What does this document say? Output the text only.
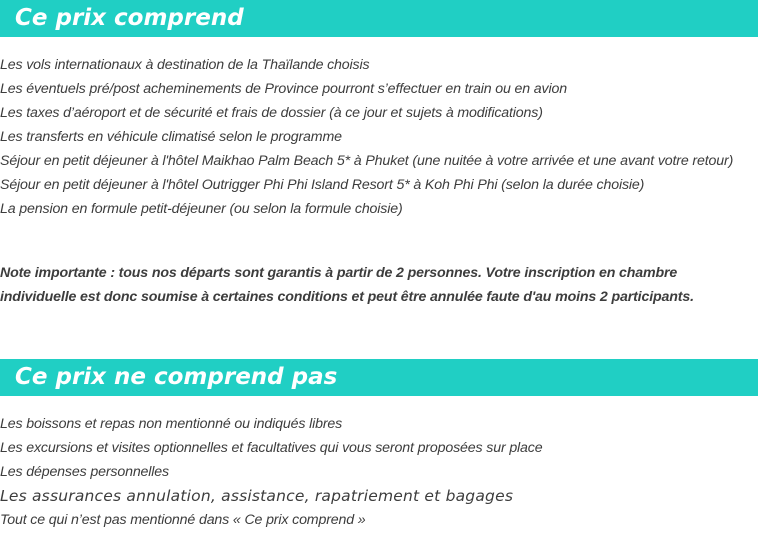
Ce prix comprend
Les vols internationaux à destination de la Thaïlande choisis
Les éventuels pré/post acheminements de Province pourront s’effectuer en train ou en avion
Les taxes d’aéroport et de sécurité et frais de dossier (à ce jour et sujets à modifications)
Les transferts en véhicule climatisé selon le programme
Séjour en petit déjeuner à l'hôtel Maikhao Palm Beach 5* à Phuket (une nuitée à votre arrivée et une avant votre retour)
Séjour en petit déjeuner à l'hôtel Outrigger Phi Phi Island Resort 5* à Koh Phi Phi (selon la durée choisie)
La pension en formule petit-déjeuner (ou selon la formule choisie)

Note importante : tous nos départs sont garantis à partir de 2 personnes. Votre inscription en chambre
individuelle est donc soumise à certaines conditions et peut être annulée faute d'au moins 2 participants.

Ce prix ne comprend pas
Les boissons et repas non mentionné ou indiqués libres
Les excursions et visites optionnelles et facultatives qui vous seront proposées sur place
Les dépenses personnelles
Les assurances annulation, assistance, rapatriement et bagages
Tout ce qui n’est pas mentionné dans « Ce prix comprend »
